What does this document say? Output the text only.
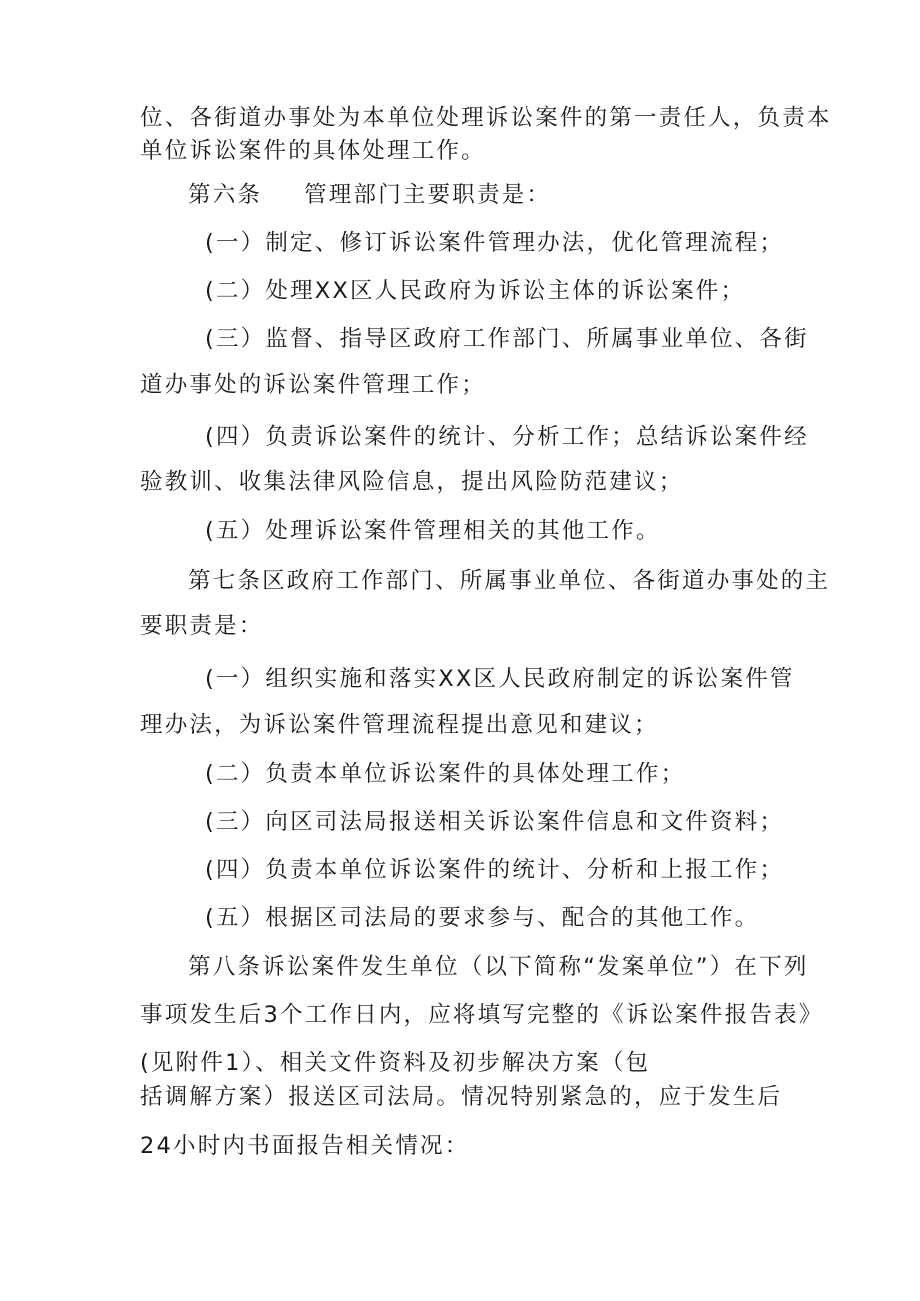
位、各街道办事处为本单位处理诉讼案件的第一责任人，负责本
单位诉讼案件的具体处理工作。
第六条 管理部门主要职责是：
(一）制定、修订诉讼案件管理办法，优化管理流程；
(二）处理XX区人民政府为诉讼主体的诉讼案件；
(三）监督、指导区政府工作部门、所属事业单位、各街
道办事处的诉讼案件管理工作；
(四）负责诉讼案件的统计、分析工作；总结诉讼案件经
验教训、收集法律风险信息，提出风险防范建议；
(五）处理诉讼案件管理相关的其他工作。
第七条区政府工作部门、所属事业单位、各街道办事处的主
要职责是：
(一）组织实施和落实XX区人民政府制定的诉讼案件管
理办法，为诉讼案件管理流程提出意见和建议；
(二）负责本单位诉讼案件的具体处理工作；
(三）向区司法局报送相关诉讼案件信息和文件资料；
(四）负责本单位诉讼案件的统计、分析和上报工作；
(五）根据区司法局的要求参与、配合的其他工作。
第八条诉讼案件发生单位（以下简称“发案单位”）在下列
事项发生后3个工作日内，应将填写完整的《诉讼案件报告表》
(见附件1）、相关文件资料及初步解决方案（包
括调解方案）报送区司法局。情况特别紧急的，应于发生后
24小时内书面报告相关情况：
